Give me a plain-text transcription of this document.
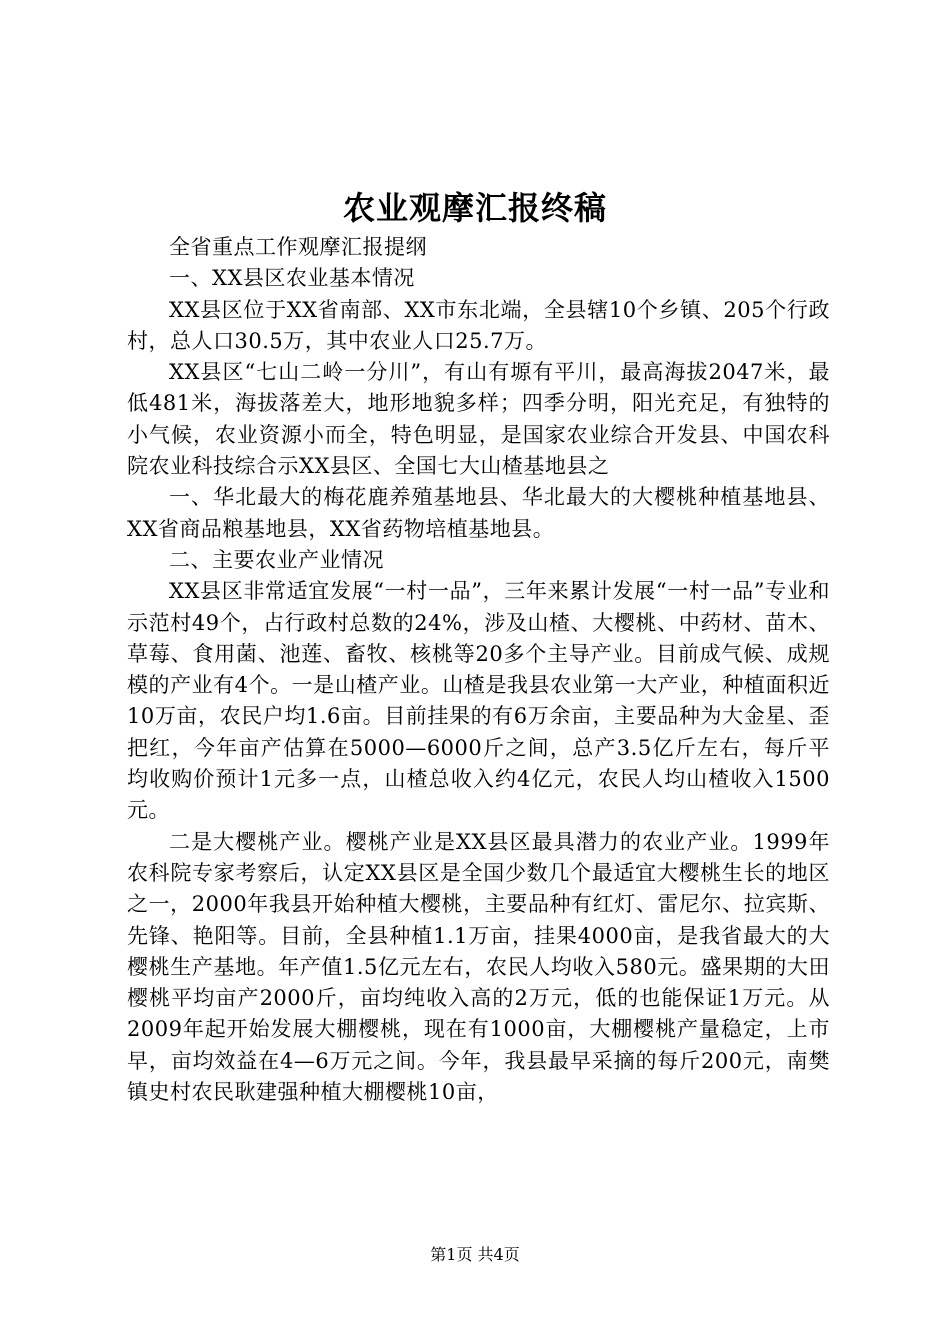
农业观摩汇报终稿

全省重点工作观摩汇报提纲

一、XX县区农业基本情况

XX县区位于XX省南部、XX市东北端，全县辖10个乡镇、205个行政村，总人口30.5万，其中农业人口25.7万。

XX县区“七山二岭一分川”，有山有塬有平川，最高海拔2047米，最低481米，海拔落差大，地形地貌多样；四季分明，阳光充足，有独特的小气候，农业资源小而全，特色明显，是国家农业综合开发县、中国农科院农业科技综合示XX县区、全国七大山楂基地县之

一、华北最大的梅花鹿养殖基地县、华北最大的大樱桃种植基地县、XX省商品粮基地县，XX省药物培植基地县。

二、主要农业产业情况

XX县区非常适宜发展“一村一品”，三年来累计发展“一村一品”专业和示范村49个，占行政村总数的24%，涉及山楂、大樱桃、中药材、苗木、草莓、食用菌、池莲、畜牧、核桃等20多个主导产业。目前成气候、成规模的产业有4个。一是山楂产业。山楂是我县农业第一大产业，种植面积近10万亩，农民户均1.6亩。目前挂果的有6万余亩，主要品种为大金星、歪把红，今年亩产估算在5000—6000斤之间，总产3.5亿斤左右，每斤平均收购价预计1元多一点，山楂总收入约4亿元，农民人均山楂收入1500元。

二是大樱桃产业。樱桃产业是XX县区最具潜力的农业产业。1999年农科院专家考察后，认定XX县区是全国少数几个最适宜大樱桃生长的地区之一，2000年我县开始种植大樱桃，主要品种有红灯、雷尼尔、拉宾斯、先锋、艳阳等。目前，全县种植1.1万亩，挂果4000亩，是我省最大的大樱桃生产基地。年产值1.5亿元左右，农民人均收入580元。盛果期的大田樱桃平均亩产2000斤，亩均纯收入高的2万元，低的也能保证1万元。从2009年起开始发展大棚樱桃，现在有1000亩，大棚樱桃产量稳定，上市早，亩均效益在4—6万元之间。今年，我县最早采摘的每斤200元，南樊镇史村农民耿建强种植大棚樱桃10亩，

第1页 共4页
